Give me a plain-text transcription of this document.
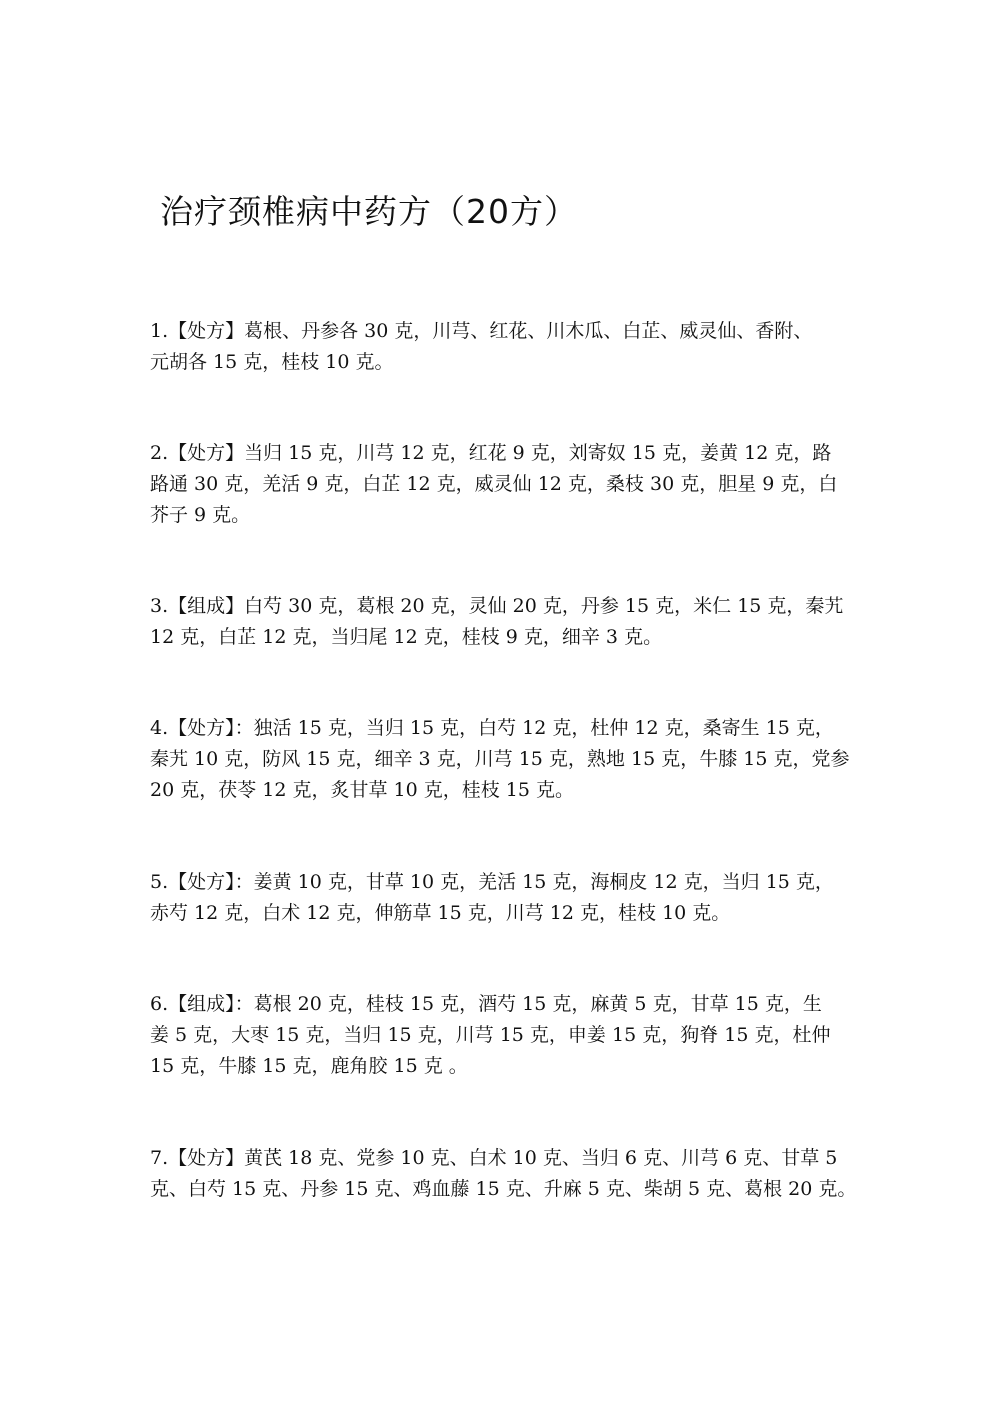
治疗颈椎病中药方（20方）

1.【处方】葛根、丹参各 30 克，川芎、红花、川木瓜、白芷、威灵仙、香附、

元胡各 15 克，桂枝 10 克。

2.【处方】当归 15 克，川芎 12 克，红花 9 克，刘寄奴 15 克，姜黄 12 克，路

路通 30 克，羌活 9 克，白芷 12 克，威灵仙 12 克，桑枝 30 克，胆星 9 克，白

芥子 9 克。

3.【组成】白芍 30 克，葛根 20 克，灵仙 20 克，丹参 15 克，米仁 15 克，秦艽

12 克，白芷 12 克，当归尾 12 克，桂枝 9 克，细辛 3 克。

4.【处方】：独活 15 克，当归 15 克，白芍 12 克，杜仲 12 克，桑寄生 15 克，

秦艽 10 克，防风 15 克，细辛 3 克，川芎 15 克，熟地 15 克，牛膝 15 克，党参

20 克，茯苓 12 克，炙甘草 10 克，桂枝 15 克。

5.【处方】：姜黄 10 克，甘草 10 克，羌活 15 克，海桐皮 12 克，当归 15 克，

赤芍 12 克，白术 12 克，伸筋草 15 克，川芎 12 克，桂枝 10 克。

6.【组成】：葛根 20 克，桂枝 15 克，酒芍 15 克，麻黄 5 克，甘草 15 克，生

姜 5 克，大枣 15 克，当归 15 克，川芎 15 克，申姜 15 克，狗脊 15 克，杜仲

15 克，牛膝 15 克，鹿角胶 15 克 。

7.【处方】黄芪 18 克、党参 10 克、白术 10 克、当归 6 克、川芎 6 克、甘草 5

克、白芍 15 克、丹参 15 克、鸡血藤 15 克、升麻 5 克、柴胡 5 克、葛根 20 克。
